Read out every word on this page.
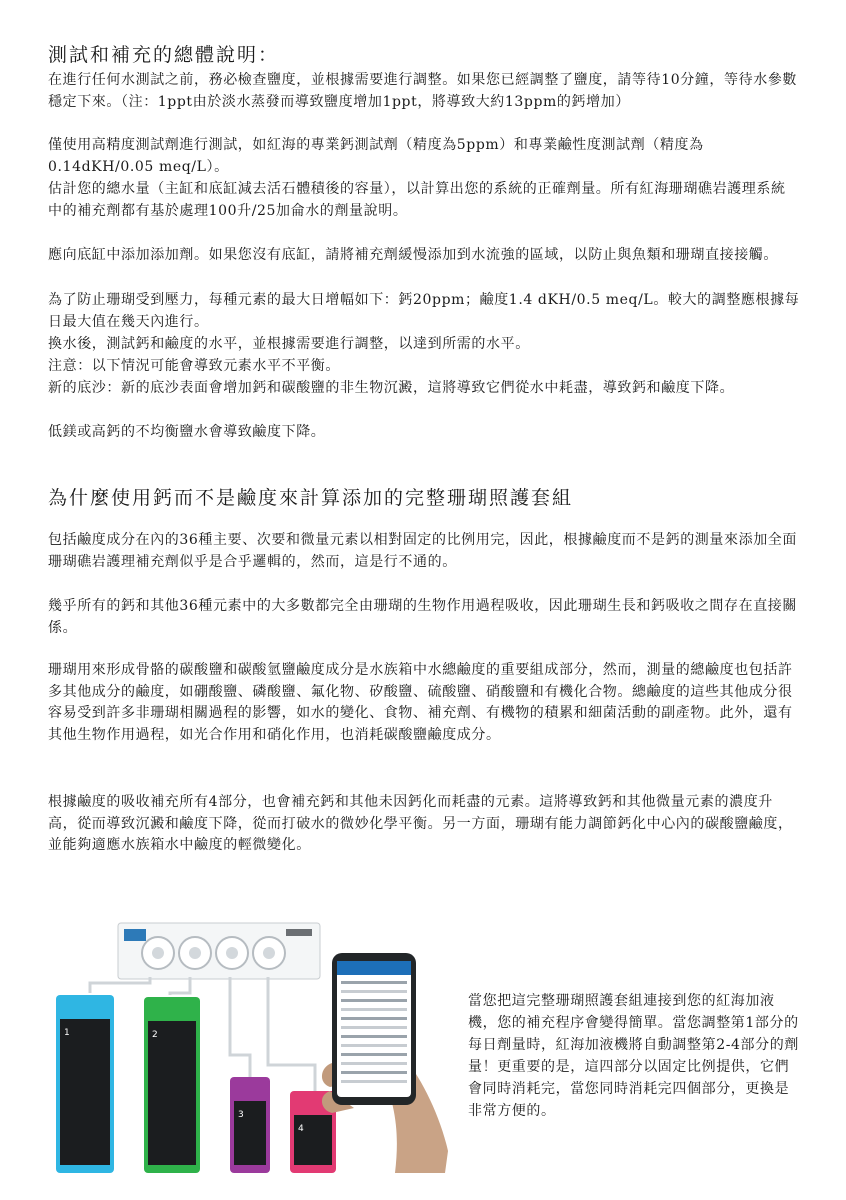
測試和補充的總體說明：

在進行任何水測試之前，務必檢查鹽度，並根據需要進行調整。如果您已經調整了鹽度，請等待10分鐘，等待水參數穩定下來。（注：1ppt由於淡水蒸發而導致鹽度增加1ppt，將導致大約13ppm的鈣增加）

僅使用高精度測試劑進行測試，如紅海的專業鈣測試劑（精度為5ppm）和專業鹼性度測試劑（精度為0.14dKH/0.05 meq/L）。

估計您的總水量（主缸和底缸減去活石體積後的容量），以計算出您的系統的正確劑量。所有紅海珊瑚礁岩護理系統中的補充劑都有基於處理100升/25加侖水的劑量說明。

應向底缸中添加添加劑。如果您沒有底缸，請將補充劑緩慢添加到水流強的區域，以防止與魚類和珊瑚直接接觸。

為了防止珊瑚受到壓力，每種元素的最大日增幅如下：鈣20ppm；鹼度1.4 dKH/0.5 meq/L。較大的調整應根據每日最大值在幾天內進行。

換水後，測試鈣和鹼度的水平，並根據需要進行調整，以達到所需的水平。

注意：以下情況可能會導致元素水平不平衡。

新的底沙：新的底沙表面會增加鈣和碳酸鹽的非生物沉澱，這將導致它們從水中耗盡，導致鈣和鹼度下降。

低鎂或高鈣的不均衡鹽水會導致鹼度下降。

為什麼使用鈣而不是鹼度來計算添加的完整珊瑚照護套組

包括鹼度成分在內的36種主要、次要和微量元素以相對固定的比例用完，因此，根據鹼度而不是鈣的測量來添加全面珊瑚礁岩護理補充劑似乎是合乎邏輯的，然而，這是行不通的。

幾乎所有的鈣和其他36種元素中的大多數都完全由珊瑚的生物作用過程吸收，因此珊瑚生長和鈣吸收之間存在直接關係。

珊瑚用來形成骨骼的碳酸鹽和碳酸氫鹽鹼度成分是水族箱中水總鹼度的重要組成部分，然而，測量的總鹼度也包括許多其他成分的鹼度，如硼酸鹽、磷酸鹽、氟化物、矽酸鹽、硫酸鹽、硝酸鹽和有機化合物。總鹼度的這些其他成分很容易受到許多非珊瑚相關過程的影響，如水的變化、食物、補充劑、有機物的積累和細菌活動的副產物。此外，還有其他生物作用過程，如光合作用和硝化作用，也消耗碳酸鹽鹼度成分。

根據鹼度的吸收補充所有4部分，也會補充鈣和其他未因鈣化而耗盡的元素。這將導致鈣和其他微量元素的濃度升高，從而導致沉澱和鹼度下降，從而打破水的微妙化學平衡。另一方面，珊瑚有能力調節鈣化中心內的碳酸鹽鹼度，並能夠適應水族箱水中鹼度的輕微變化。

1	2
3
4

當您把這完整珊瑚照護套組連接到您的紅海加液機，您的補充程序會變得簡單。當您調整第1部分的每日劑量時，紅海加液機將自動調整第2-4部分的劑量！更重要的是，這四部分以固定比例提供，它們會同時消耗完，當您同時消耗完四個部分，更換是非常方便的。
